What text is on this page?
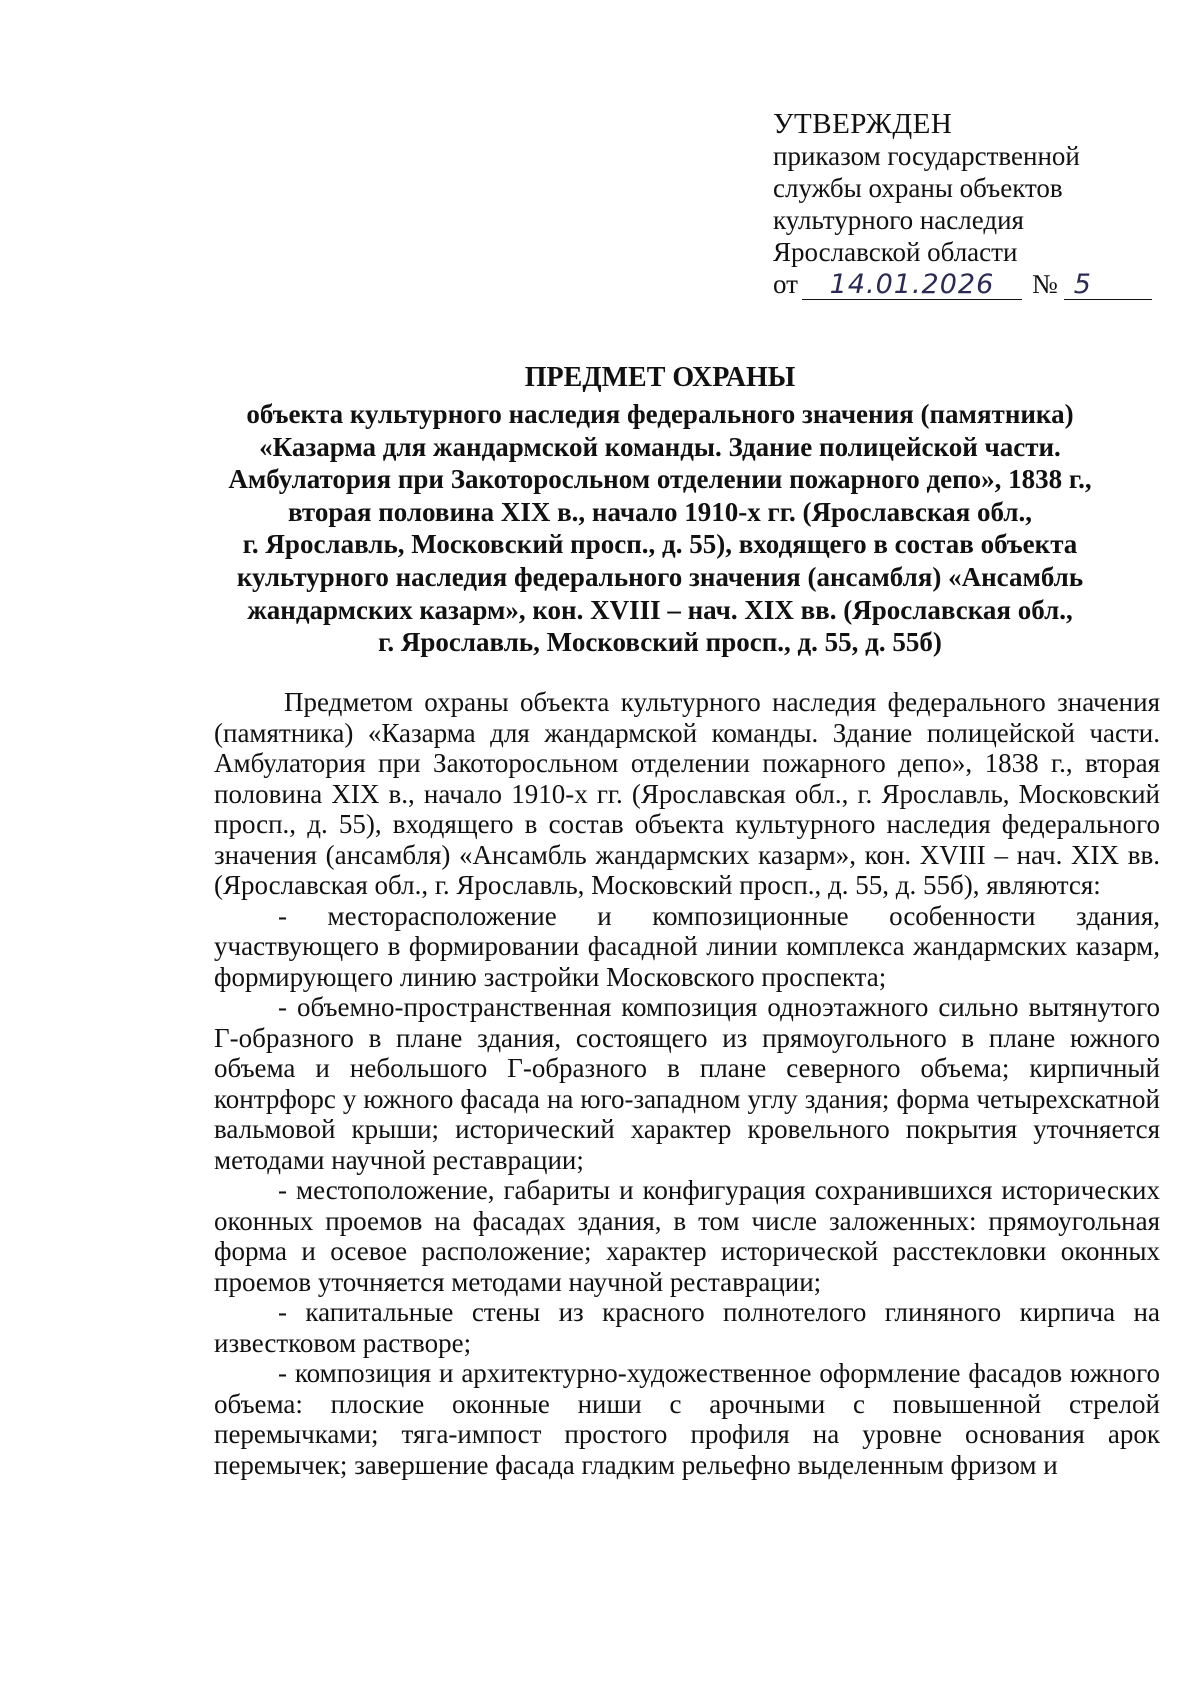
УТВЕРЖДЕН
приказом государственной
службы охраны объектов
культурного наследия
Ярославской области
от	14.01.2026	№ 5
ПРЕДМЕТ ОХРАНЫ
объекта культурного наследия федерального значения (памятника)
«Казарма для жандармской команды. Здание полицейской части.
Амбулатория при Закоторосльном отделении пожарного депо», 1838 г.,
вторая половина XIX в., начало 1910-х гг. (Ярославская обл.,
г. Ярославль, Московский просп., д. 55), входящего в состав объекта
культурного наследия федерального значения (ансамбля) «Ансамбль
жандармских казарм», кон. XVIII – нач. XIX вв. (Ярославская обл.,
г. Ярославль, Московский просп., д. 55, д. 55б)

Предметом охраны объекта культурного наследия федерального значения (памятника) «Казарма для жандармской команды. Здание полицейской части. Амбулатория при Закоторосльном отделении пожарного депо», 1838 г., вторая половина XIX в., начало 1910-х гг. (Ярославская обл., г. Ярославль, Московский просп., д. 55), входящего в состав объекта культурного наследия федерального значения (ансамбля) «Ансамбль жандармских казарм», кон. XVIII – нач. XIX вв. (Ярославская обл., г. Ярославль, Московский просп., д. 55, д. 55б), являются:

- месторасположение и композиционные особенности здания, участвующего в формировании фасадной линии комплекса жандармских казарм, формирующего линию застройки Московского проспекта;

- объемно-пространственная композиция одноэтажного сильно вытянутого Г-образного в плане здания, состоящего из прямоугольного в плане южного объема и небольшого Г-образного в плане северного объема; кирпичный контрфорс у южного фасада на юго-западном углу здания; форма четырехскатной вальмовой крыши; исторический характер кровельного покрытия уточняется методами научной реставрации;

- местоположение, габариты и конфигурация сохранившихся исторических оконных проемов на фасадах здания, в том числе заложенных: прямоугольная форма и осевое расположение; характер исторической расстекловки оконных проемов уточняется методами научной реставрации;

- капитальные стены из красного полнотелого глиняного кирпича на известковом растворе;

- композиция и архитектурно-художественное оформление фасадов южного объема: плоские оконные ниши с арочными с повышенной стрелой перемычками; тяга-импост простого профиля на уровне основания арок перемычек; завершение фасада гладким рельефно выделенным фризом и
